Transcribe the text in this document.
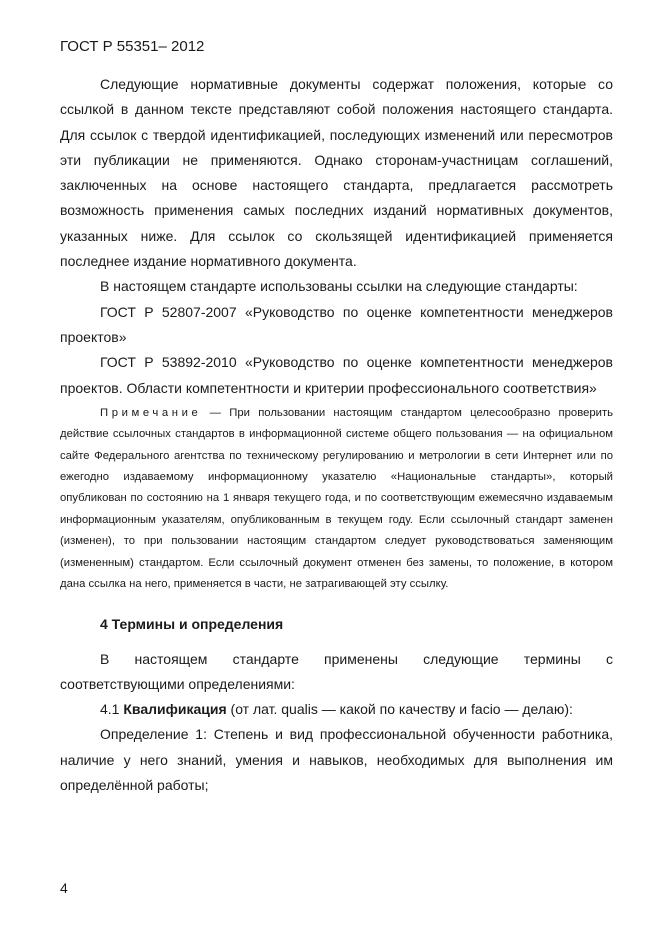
ГОСТ Р 55351– 2012

Следующие нормативные документы содержат положения, которые со ссылкой в данном тексте представляют собой положения настоящего стандарта. Для ссылок с твердой идентификацией, последующих изменений или пересмотров эти публикации не применяются. Однако сторонам-участницам соглашений, заключенных на основе настоящего стандарта, предлагается рассмотреть возможность применения самых последних изданий нормативных документов, указанных ниже. Для ссылок со скользящей идентификацией применяется последнее издание нормативного документа.

В настоящем стандарте использованы ссылки на следующие стандарты:

ГОСТ Р 52807-2007 «Руководство по оценке компетентности менеджеров проектов»

ГОСТ Р 53892-2010 «Руководство по оценке компетентности менеджеров проектов. Области компетентности и критерии профессионального соответствия»

Примечание — При пользовании настоящим стандартом целесообразно проверить действие ссылочных стандартов в информационной системе общего пользования — на официальном сайте Федерального агентства по техническому регулированию и метрологии в сети Интернет или по ежегодно издаваемому информационному указателю «Национальные стандарты», который опубликован по состоянию на 1 января текущего года, и по соответствующим ежемесячно издаваемым информационным указателям, опубликованным в текущем году. Если ссылочный стандарт заменен (изменен), то при пользовании настоящим стандартом следует руководствоваться заменяющим (измененным) стандартом. Если ссылочный документ отменен без замены, то положение, в котором дана ссылка на него, применяется в части, не затрагивающей эту ссылку.

4 Термины и определения

В настоящем стандарте применены следующие термины с соответствующими определениями:

4.1 Квалификация (от лат. qualis — какой по качеству и facio — делаю):

Определение 1: Степень и вид профессиональной обученности работника, наличие у него знаний, умения и навыков, необходимых для выполнения им определённой работы;

4
